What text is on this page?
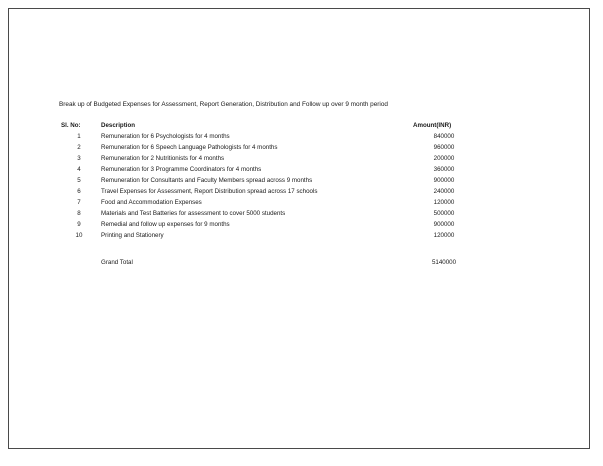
Break up of Budgeted Expenses for Assessment, Report Generation, Distribution and Follow up over 9 month period
Sl. No:	Description	Amount(INR)
1	Remuneration for 6 Psychologists for 4 months	840000
2	Remuneration for 6 Speech Language Pathologists for 4 months	960000
3	Remuneration for 2 Nutritionists for 4 months	200000
4	Remuneration for 3 Programme Coordinators for 4 months	360000
5	Remuneration for Consultants and Faculty Members spread across 9 months	900000
6	Travel Expenses for Assessment, Report Distribution spread across 17 schools	240000
7	Food and Accommodation Expenses	120000
8	Materials and Test Batteries for assessment to cover 5000 students	500000
9	Remedial and follow up expenses for 9 months	900000
10	Printing and Stationery	120000
Grand Total	5140000
